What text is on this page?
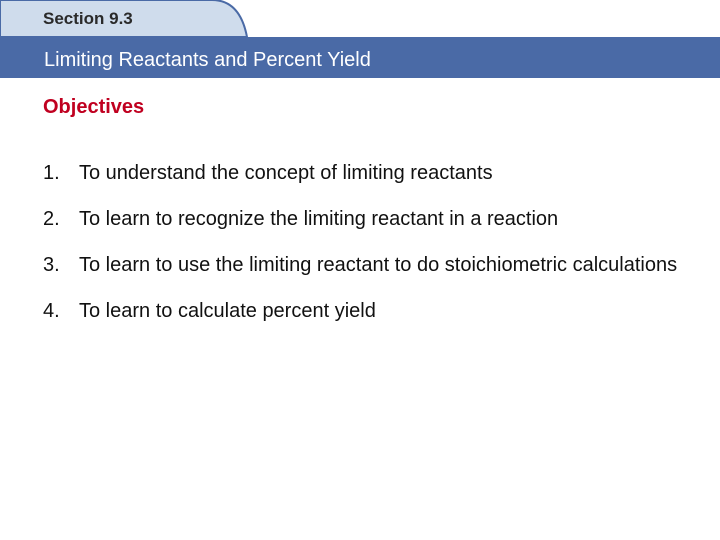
Section 9.3
Limiting Reactants and Percent Yield
Objectives
1. To understand the concept of limiting reactants
2. To learn to recognize the limiting reactant in a reaction
3. To learn to use the limiting reactant to do stoichiometric calculations
4. To learn to calculate percent yield
